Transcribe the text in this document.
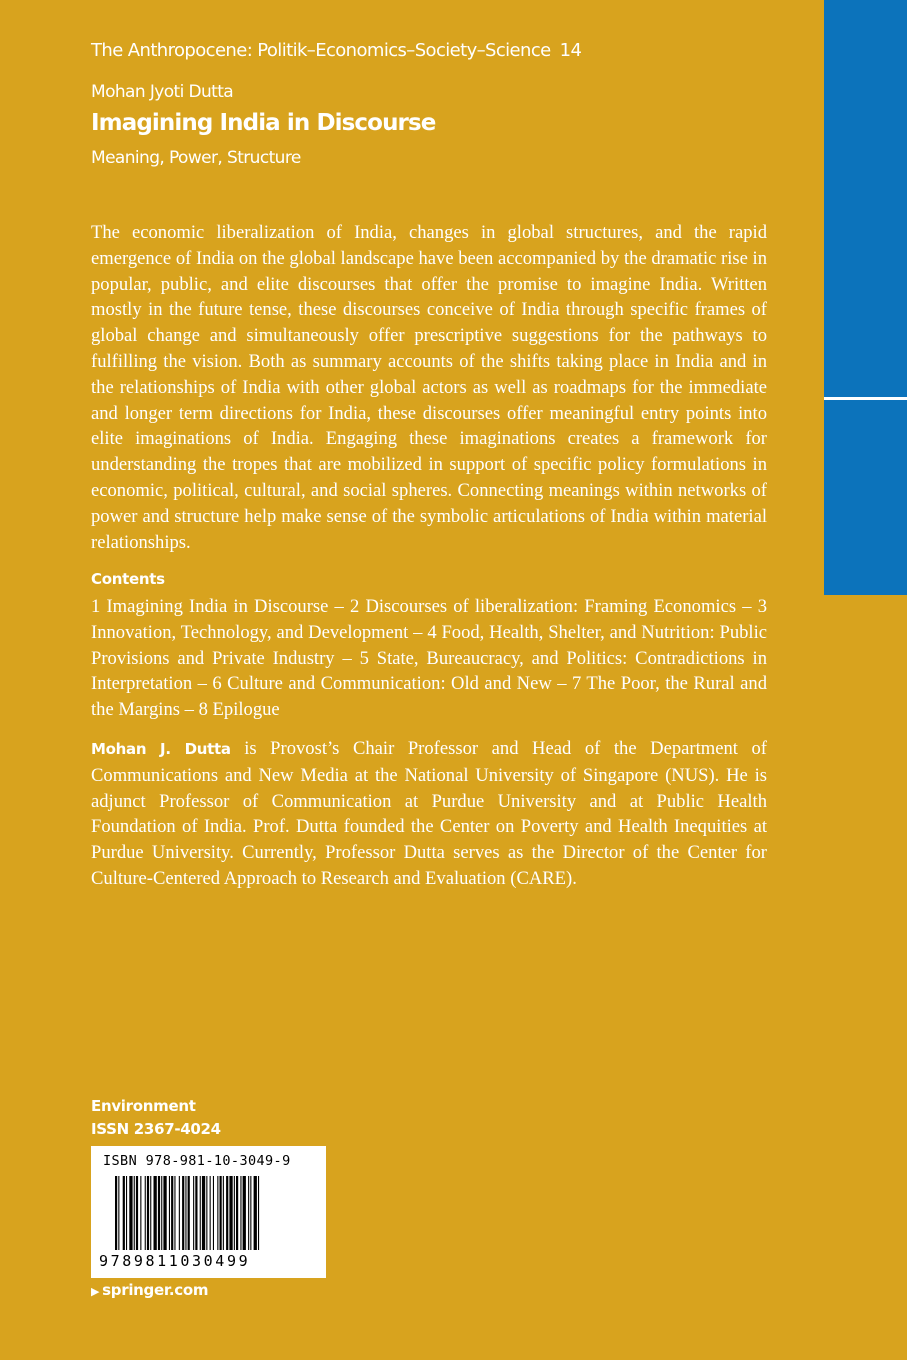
The Anthropocene: Politik–Economics–Society–Science 14
Mohan Jyoti Dutta
Imagining India in Discourse
Meaning, Power, Structure
The economic liberalization of India, changes in global structures, and the rapid emergence of India on the global landscape have been accompanied by the dramatic rise in popular, public, and elite discourses that offer the promise to imagine India. Written mostly in the future tense, these discourses conceive of India through specific frames of global change and simultaneously offer prescriptive suggestions for the pathways to fulfilling the vision. Both as summary accounts of the shifts taking place in India and in the relationships of India with other global actors as well as roadmaps for the immediate and longer term directions for India, these discourses offer meaningful entry points into elite imaginations of India. Engaging these imaginations creates a framework for understanding the tropes that are mobilized in support of specific policy formulations in economic, political, cultural, and social spheres. Connecting meanings within networks of power and structure help make sense of the symbolic articulations of India within material relationships.
Contents
1 Imagining India in Discourse – 2 Discourses of liberalization: Framing Economics – 3 Innovation, Technology, and Development – 4 Food, Health, Shelter, and Nutrition: Public Provisions and Private Industry – 5 State, Bureaucracy, and Politics: Contradictions in Interpretation – 6 Culture and Communication: Old and New – 7 The Poor, the Rural and the Margins – 8 Epilogue
Mohan J. Dutta is Provost’s Chair Professor and Head of the Department of Communications and New Media at the National University of Singapore (NUS). He is adjunct Professor of Communication at Purdue University and at Public Health Foundation of India. Prof. Dutta founded the Center on Poverty and Health Inequities at Purdue University. Currently, Professor Dutta serves as the Director of the Center for Culture-Centered Approach to Research and Evaluation (CARE).
Environment
ISSN 2367-4024
ISBN 978-981-10-3049-9
9789811030499
▶ springer.com
